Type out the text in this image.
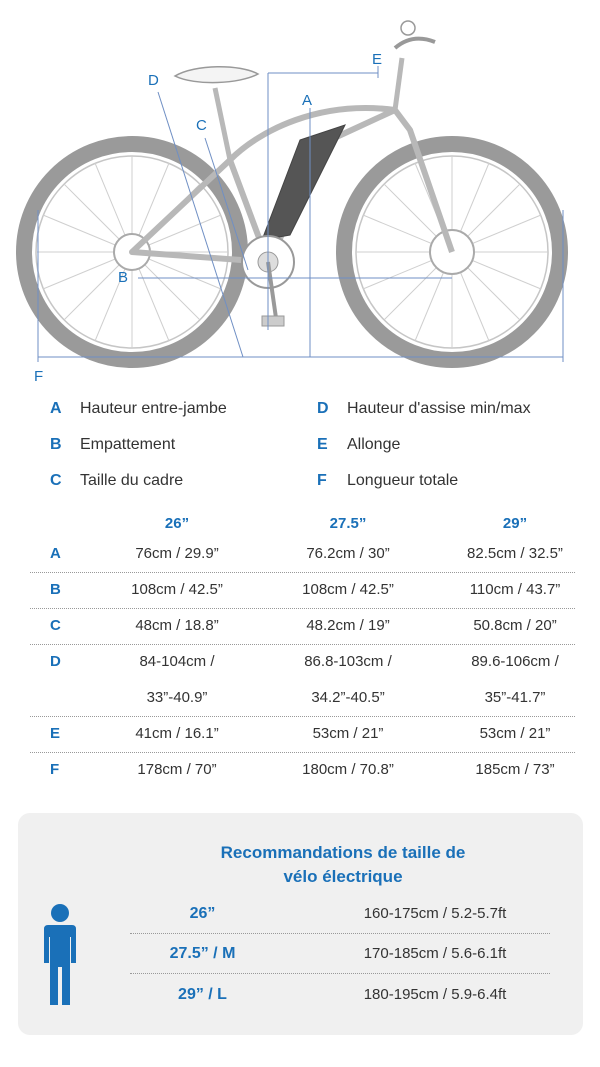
D
A
C
E
B
F
A	Hauteur entre-jambe
B	Empattement
C	Taille du cadre
D	Hauteur d'assise min/max
E	Allonge
F	Longueur totale
26”	27.5”	29”
A	76cm / 29.9”	76.2cm / 30”	82.5cm / 32.5”
B	108cm / 42.5”	108cm / 42.5”	110cm / 43.7”
C	48cm / 18.8”	48.2cm / 19”	50.8cm / 20”
D	84-104cm /	86.8-103cm /	89.6-106cm /
33”-40.9”	34.2”-40.5”	35”-41.7”
E	41cm / 16.1”	53cm / 21”	53cm / 21”
F	178cm / 70”	180cm / 70.8”	185cm / 73”
Recommandations de taille de
vélo électrique
26”	160-175cm / 5.2-5.7ft
27.5” / M	170-185cm / 5.6-6.1ft
29” / L	180-195cm / 5.9-6.4ft
